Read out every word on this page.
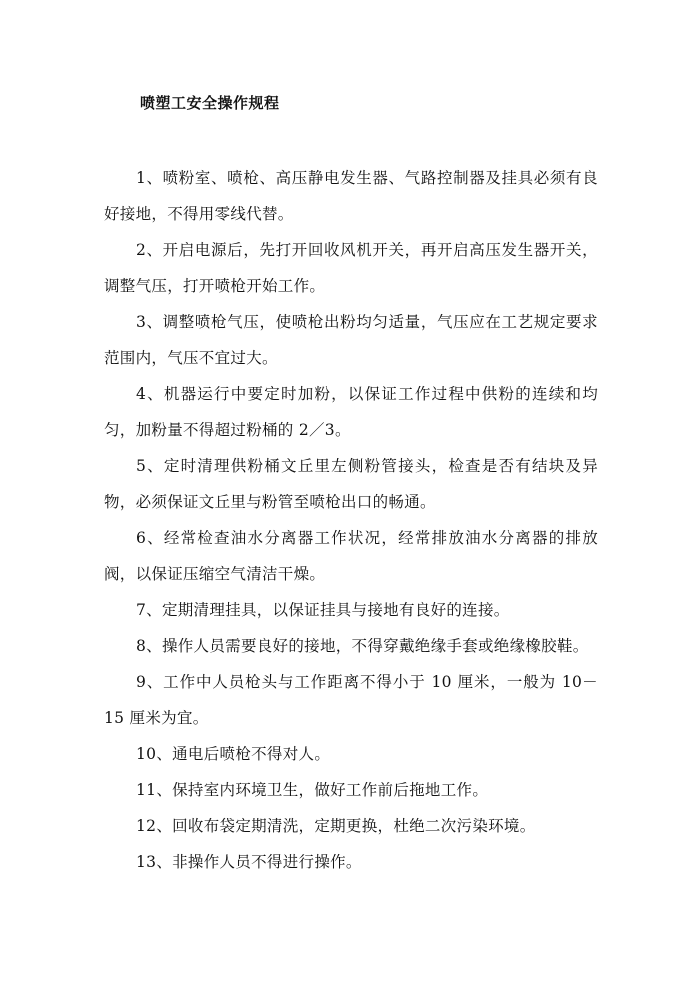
喷塑工安全操作规程

1、喷粉室、喷枪、高压静电发生器、气路控制器及挂具必须有良好接地，不得用零线代替。

2、开启电源后，先打开回收风机开关，再开启高压发生器开关，调整气压，打开喷枪开始工作。

3、调整喷枪气压，使喷枪出粉均匀适量，气压应在工艺规定要求范围内，气压不宜过大。

4、机器运行中要定时加粉，以保证工作过程中供粉的连续和均匀，加粉量不得超过粉桶的 2／3。

5、定时清理供粉桶文丘里左侧粉管接头，检查是否有结块及异物，必须保证文丘里与粉管至喷枪出口的畅通。

6、经常检查油水分离器工作状况，经常排放油水分离器的排放阀，以保证压缩空气清洁干燥。

7、定期清理挂具，以保证挂具与接地有良好的连接。

8、操作人员需要良好的接地，不得穿戴绝缘手套或绝缘橡胶鞋。

9、工作中人员枪头与工作距离不得小于 10 厘米，一般为 10－15 厘米为宜。

10、通电后喷枪不得对人。

11、保持室内环境卫生，做好工作前后拖地工作。

12、回收布袋定期清洗，定期更换，杜绝二次污染环境。

13、非操作人员不得进行操作。
